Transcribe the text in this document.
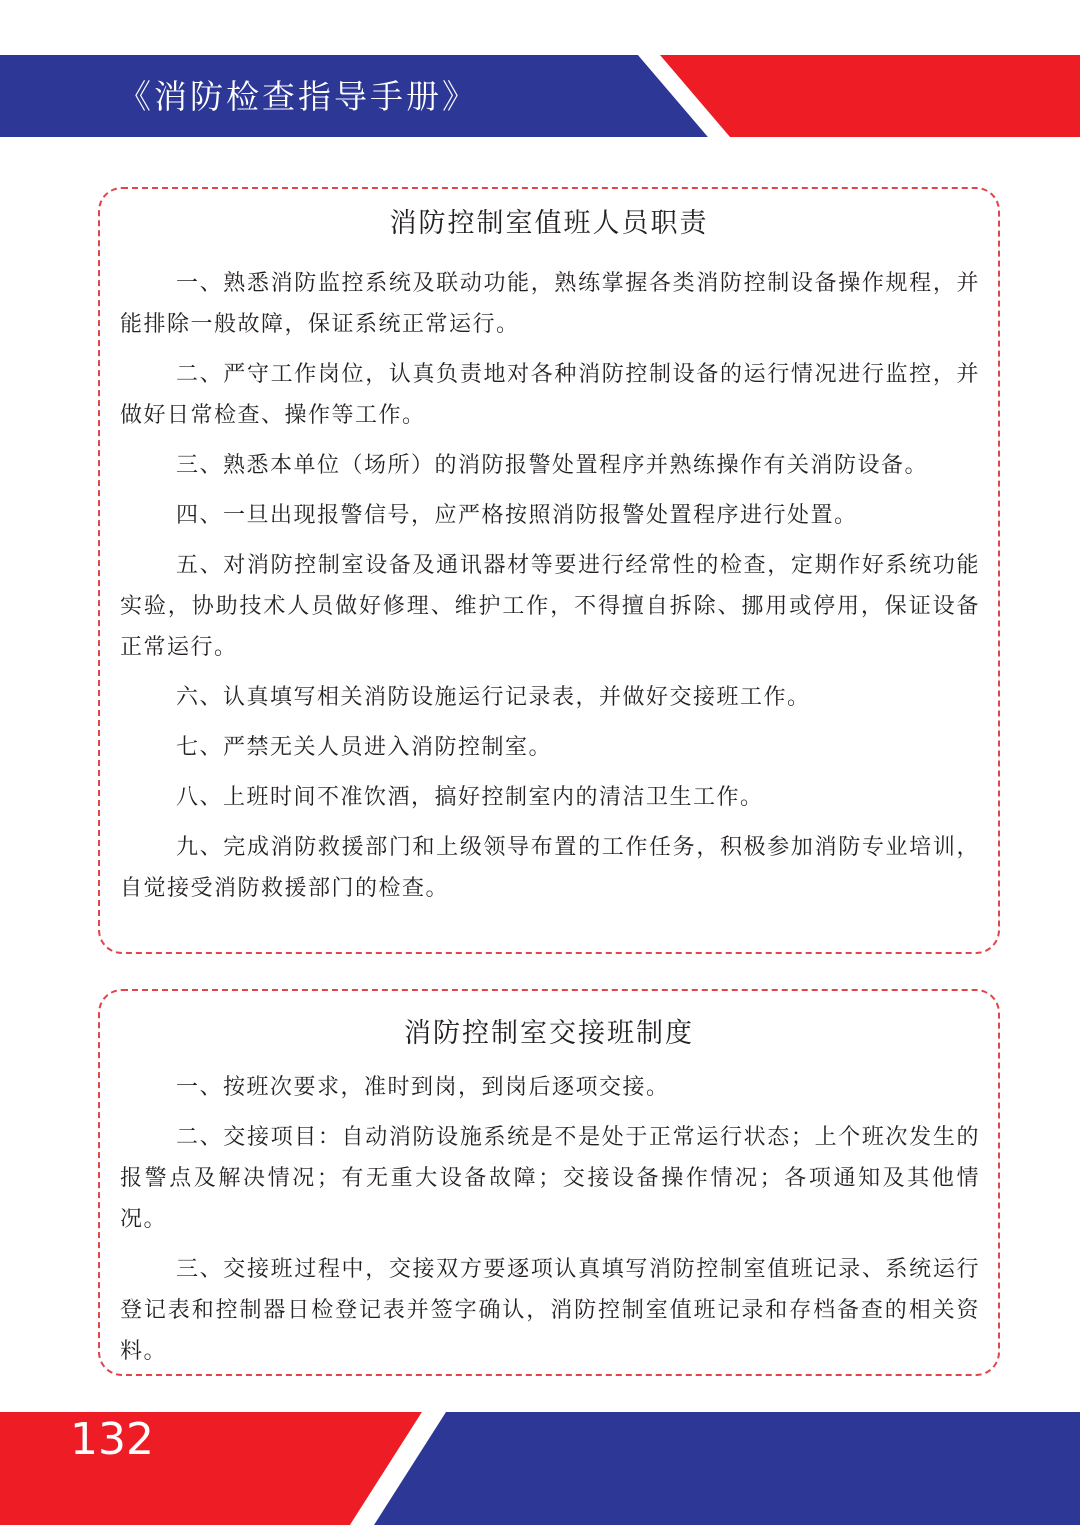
《消防检查指导手册》
消防控制室值班人员职责

一、熟悉消防监控系统及联动功能，熟练掌握各类消防控制设备操作规程，并能排除一般故障，保证系统正常运行。

二、严守工作岗位，认真负责地对各种消防控制设备的运行情况进行监控，并做好日常检查、操作等工作。

三、熟悉本单位（场所）的消防报警处置程序并熟练操作有关消防设备。

四、一旦出现报警信号，应严格按照消防报警处置程序进行处置。

五、对消防控制室设备及通讯器材等要进行经常性的检查，定期作好系统功能实验，协助技术人员做好修理、维护工作，不得擅自拆除、挪用或停用，保证设备正常运行。

六、认真填写相关消防设施运行记录表，并做好交接班工作。

七、严禁无关人员进入消防控制室。

八、上班时间不准饮酒，搞好控制室内的清洁卫生工作。

九、完成消防救援部门和上级领导布置的工作任务，积极参加消防专业培训，自觉接受消防救援部门的检查。

消防控制室交接班制度

一、按班次要求，准时到岗，到岗后逐项交接。

二、交接项目：自动消防设施系统是不是处于正常运行状态；上个班次发生的报警点及解决情况；有无重大设备故障；交接设备操作情况；各项通知及其他情况。

三、交接班过程中，交接双方要逐项认真填写消防控制室值班记录、系统运行登记表和控制器日检登记表并签字确认，消防控制室值班记录和存档备查的相关资料。
